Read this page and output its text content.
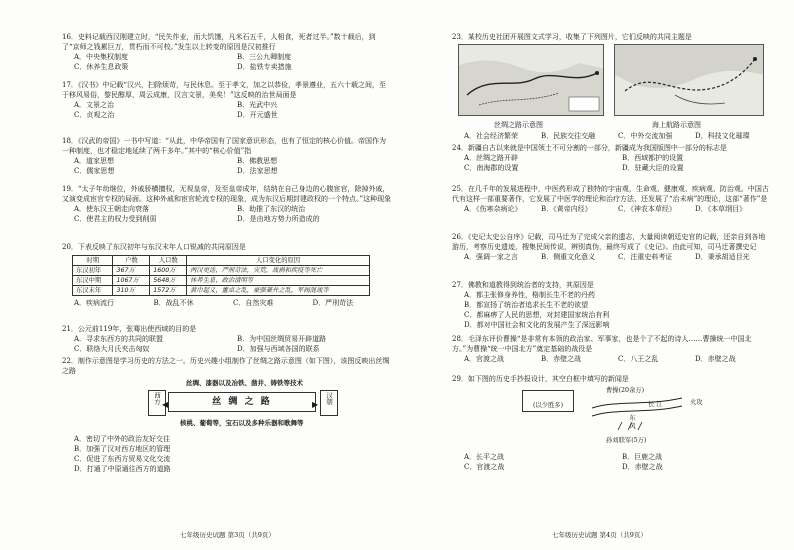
16．史料记载西汉刚建立时，“民失作业，而大饥馑，凡米石五千，人相食，死者过半。”数十载后，到了“京师之钱累巨万，贯朽而不可校。”发生以上转变的原因是汉初推行
A．中央集权制度	B．三公九卿制度
C．休养生息政策	D．盐铁专卖措施
17．《汉书》中记载“汉兴，扫除烦苛，与民休息。至于孝文，加之以恭俭，孝景遵业，五六十载之间，至于移风易俗，黎民醇厚，周云成康，汉言文景，美矣！”这反映的治世局面是
A．文景之治	B．光武中兴
C．贞观之治	D．开元盛世
18．《汉武的帝国》一书中写道：“从此，中华帝国有了国家意识形态，也有了恒定的核心价值。帝国作为一种制度，也才稳定地延续了两千多年。”其中的“核心价值”指
A．道家思想	B．佛教思想
C．儒家思想	D．法家思想
19．“太子年幼继位，外戚骄横擅权，无视皇帝，及至皇帝成年，结纳在自己身边的心腹宦官，除掉外戚，又演变成宦官专权的局面。这种外戚和宦官轮流专权的现象，成为东汉后期封建政权的一个特点。”这种现象
A．使东汉王朝走向衰落	B．助推了东汉的统治
C．使君主的权力受到削弱	D．是由地方势力所造成的
20．下表反映了东汉初年与东汉末年人口锐减的共同原因是
时期	户数	人口数	人口变化的原因
东汉初年	367万	1600万	两汉更迭，严刑苛法，灾荒，战祸和疾疫等死亡
东汉中期	1067万	5648万	休养生息，政治清明等
东汉末年	310万	1572万	黄巾起义，董卓之乱，豪强兼并之乱，军阀混战等
A．疾病流行	B．战乱不休	C．自然灾难	D．严刑苛法
21．公元前119年，张骞出使西域的目的是
A．寻求东西方的共同的联盟	B．为中国丝绸贸易开辟道路
C．联络大月氏夹击匈奴	D．加强与西域各国的联系
22．制作示意图是学习历史的方法之一。历史兴趣小组制作了丝绸之路示意图（如下图），该图反映出丝绸之路
丝绸、漆器以及冶铁、凿井、铸铁等技术
西方	丝 绸 之 路
◀	▶	汉朝
核桃、葡萄等，宝石以及多种乐器和歌舞等
A．密切了中外的政治友好交往
B．加强了汉对西方地区的管理
C．促进了东西方贸易文化交流
D．打通了中原通往西方的道路
七年级历史试题 第3页（共9页）
23．某校历史社团开展图文式学习，收集了下列图片，它们反映的共同主题是
丝绸之路示意图	海上航路示意图
A．社会经济繁荣	B．民族交往交融	C．中外交流加强	D．科技文化璀璨
24．新疆自古以来就是中国领土不可分割的一部分，新疆成为我国版图中一部分的标志是
A．丝绸之路开辟	B．西域都护的设置
C．南海郡的设置	D．驻藏大臣的设置
25．在几千年的发展进程中，中医药形成了独特的宇宙观，生命观、健康观、疾病观、防治观。中国古代有这样一部重要著作，它发展了中医学的理论和治疗方法，还发展了“治未病”的理论，这部“著作”是
A．《伤寒杂病论》	B．《黄帝内经》	C．《神农本草经》	D．《本草纲目》
26．《史记太史公自序》记载，司马迁为了完成父亲的遗志，大量阅读朝廷史官的记载，还亲自到各地游历，考察历史遗迹，搜集民间传说，辨别真伪，最终写成了《史记》。由此可知，司马迁著撰史记
A．强调一家之言	B．侧重文化意义	C．注重史料考证	D．秉承胡适目光
27．佛教和道教得到统治者的支持，其原因是
A．都主张修身养性，格制长生不老的丹药
B．都宣扬了统治者追求长生不老的欲望
C．都麻痹了人民的思想，对封建国家统治有利
D．都对中国社会和文化的发展产生了深远影响
28．毛泽东评价曹操“是非常有本领的政治家、军事家，也是个了不起的诗人……曹操统一中国北方。”为曹操“统一中国北方”奠定基础的战役是
A．官渡之战	B．赤壁之战	C．八王之乱	D．赤壁之战
29．如下图的历史手抄报设计，其空白框中填写的新闻是
(以少胜多)
曹操(20余万)
长 江	火攻
东 风
孙刘联军(5万)
A．长平之战	B．巨鹿之战
C．官渡之战	D．赤壁之战
七年级历史试题 第4页（共9页）
